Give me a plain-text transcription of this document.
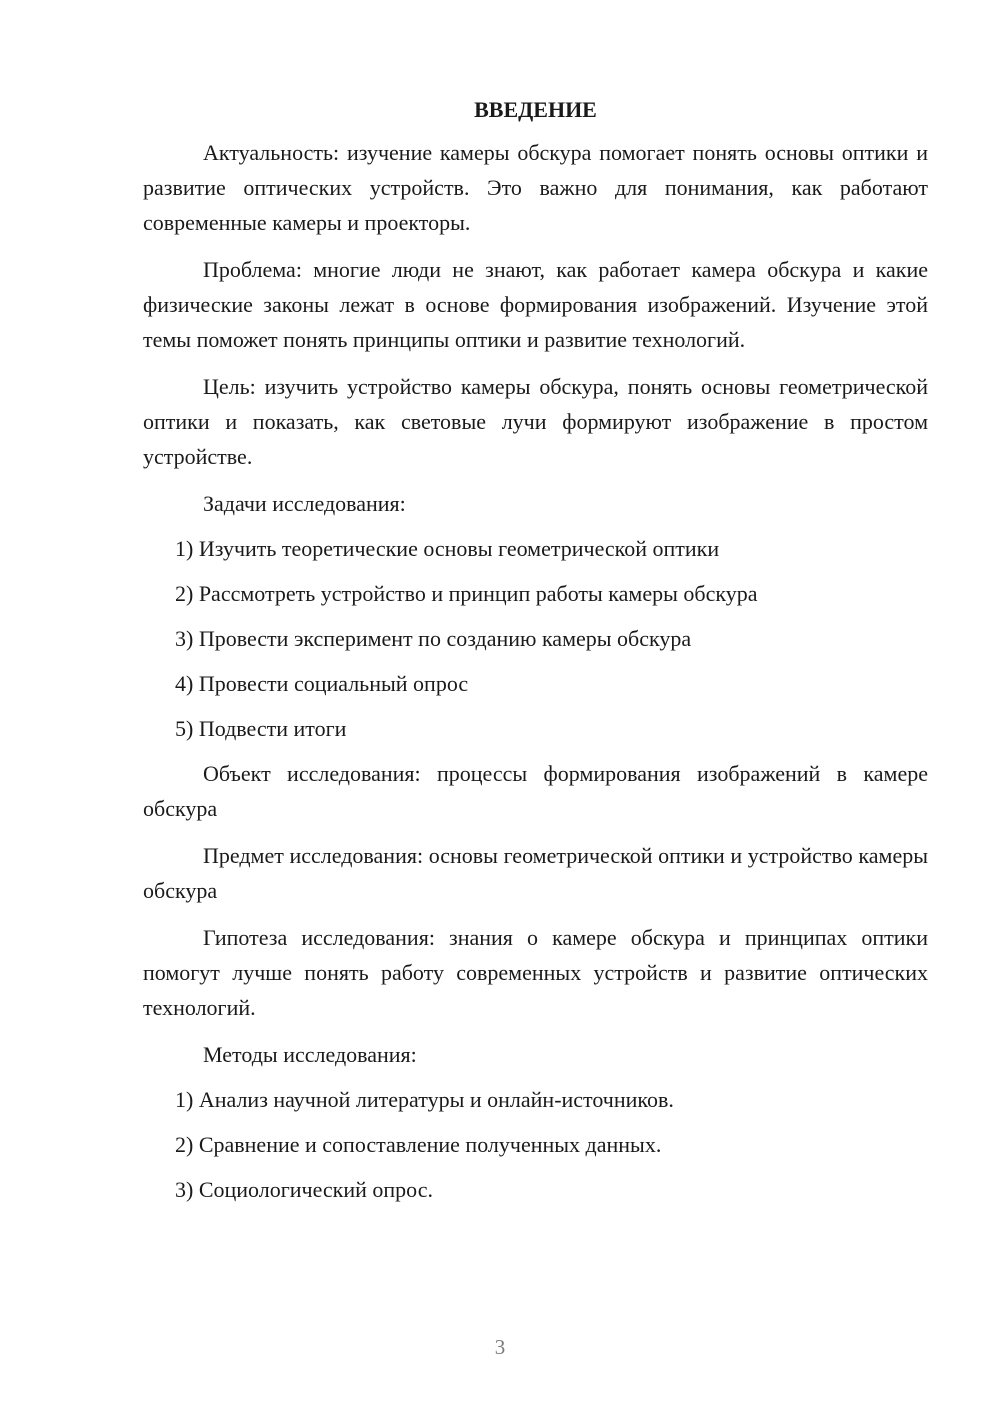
ВВЕДЕНИЕ

Актуальность: изучение камеры обскура помогает понять основы оптики и развитие оптических устройств. Это важно для понимания, как работают современные камеры и проекторы.

Проблема: многие люди не знают, как работает камера обскура и какие физические законы лежат в основе формирования изображений. Изучение этой темы поможет понять принципы оптики и развитие технологий.

Цель: изучить устройство камеры обскура, понять основы геометрической оптики и показать, как световые лучи формируют изображение в простом устройстве.

Задачи исследования:

1) Изучить теоретические основы геометрической оптики
2) Рассмотреть устройство и принцип работы камеры обскура
3) Провести эксперимент по созданию камеры обскура
4) Провести социальный опрос
5) Подвести итоги

Объект исследования: процессы формирования изображений в камере обскура

Предмет исследования: основы геометрической оптики и устройство камеры обскура

Гипотеза исследования: знания о камере обскура и принципах оптики помогут лучше понять работу современных устройств и развитие оптических технологий.

Методы исследования:

1) Анализ научной литературы и онлайн-источников.
2) Сравнение и сопоставление полученных данных.
3) Социологический опрос.
3
